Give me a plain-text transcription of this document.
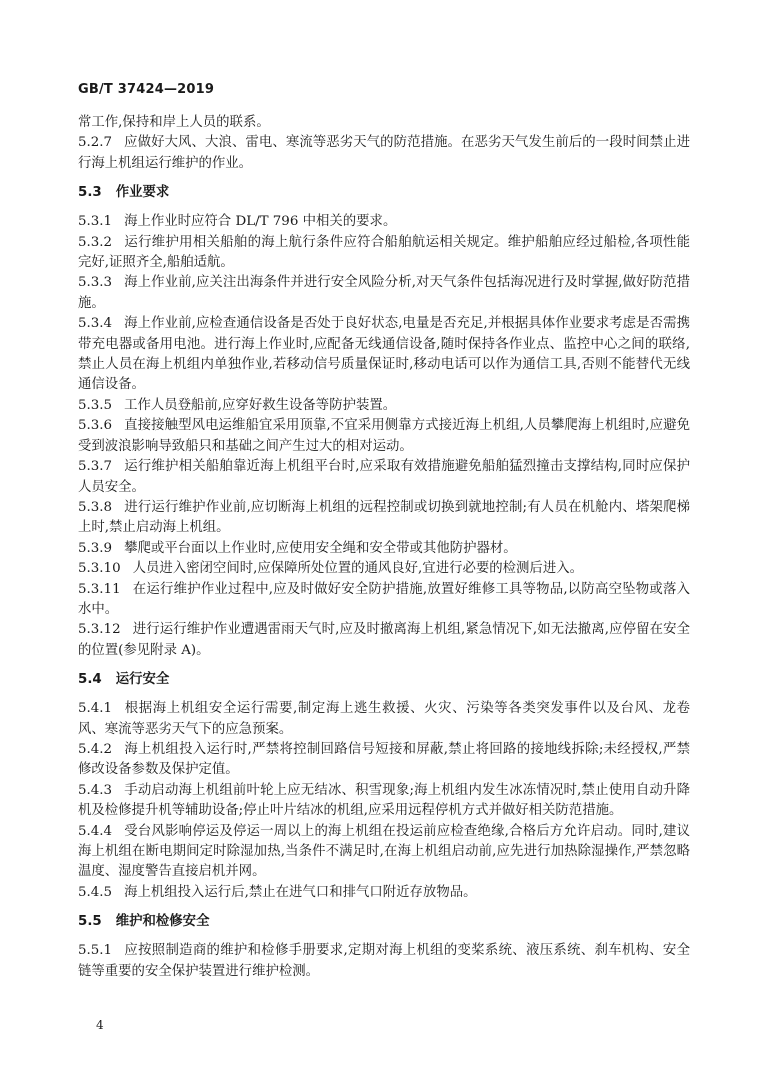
GB/T 37424—2019

常工作,保持和岸上人员的联系。

5.2.7 应做好大风、大浪、雷电、寒流等恶劣天气的防范措施。在恶劣天气发生前后的一段时间禁止进行海上机组运行维护的作业。

5.3 作业要求

5.3.1 海上作业时应符合 DL/T 796 中相关的要求。

5.3.2 运行维护用相关船舶的海上航行条件应符合船舶航运相关规定。维护船舶应经过船检,各项性能完好,证照齐全,船舶适航。

5.3.3 海上作业前,应关注出海条件并进行安全风险分析,对天气条件包括海况进行及时掌握,做好防范措施。

5.3.4 海上作业前,应检查通信设备是否处于良好状态,电量是否充足,并根据具体作业要求考虑是否需携带充电器或备用电池。进行海上作业时,应配备无线通信设备,随时保持各作业点、监控中心之间的联络,禁止人员在海上机组内单独作业,若移动信号质量保证时,移动电话可以作为通信工具,否则不能替代无线通信设备。

5.3.5 工作人员登船前,应穿好救生设备等防护装置。

5.3.6 直接接触型风电运维船宜采用顶靠,不宜采用侧靠方式接近海上机组,人员攀爬海上机组时,应避免受到波浪影响导致船只和基础之间产生过大的相对运动。

5.3.7 运行维护相关船舶靠近海上机组平台时,应采取有效措施避免船舶猛烈撞击支撑结构,同时应保护人员安全。

5.3.8 进行运行维护作业前,应切断海上机组的远程控制或切换到就地控制;有人员在机舱内、塔架爬梯上时,禁止启动海上机组。

5.3.9 攀爬或平台面以上作业时,应使用安全绳和安全带或其他防护器材。

5.3.10 人员进入密闭空间时,应保障所处位置的通风良好,宜进行必要的检测后进入。

5.3.11 在运行维护作业过程中,应及时做好安全防护措施,放置好维修工具等物品,以防高空坠物或落入水中。

5.3.12 进行运行维护作业遭遇雷雨天气时,应及时撤离海上机组,紧急情况下,如无法撤离,应停留在安全的位置(参见附录 A)。

5.4 运行安全

5.4.1 根据海上机组安全运行需要,制定海上逃生救援、火灾、污染等各类突发事件以及台风、龙卷风、寒流等恶劣天气下的应急预案。

5.4.2 海上机组投入运行时,严禁将控制回路信号短接和屏蔽,禁止将回路的接地线拆除;未经授权,严禁修改设备参数及保护定值。

5.4.3 手动启动海上机组前叶轮上应无结冰、积雪现象;海上机组内发生冰冻情况时,禁止使用自动升降机及检修提升机等辅助设备;停止叶片结冰的机组,应采用远程停机方式并做好相关防范措施。

5.4.4 受台风影响停运及停运一周以上的海上机组在投运前应检查绝缘,合格后方允许启动。同时,建议海上机组在断电期间定时除湿加热,当条件不满足时,在海上机组启动前,应先进行加热除湿操作,严禁忽略温度、湿度警告直接启机并网。

5.4.5 海上机组投入运行后,禁止在进气口和排气口附近存放物品。

5.5 维护和检修安全

5.5.1 应按照制造商的维护和检修手册要求,定期对海上机组的变桨系统、液压系统、刹车机构、安全链等重要的安全保护装置进行维护检测。

4
